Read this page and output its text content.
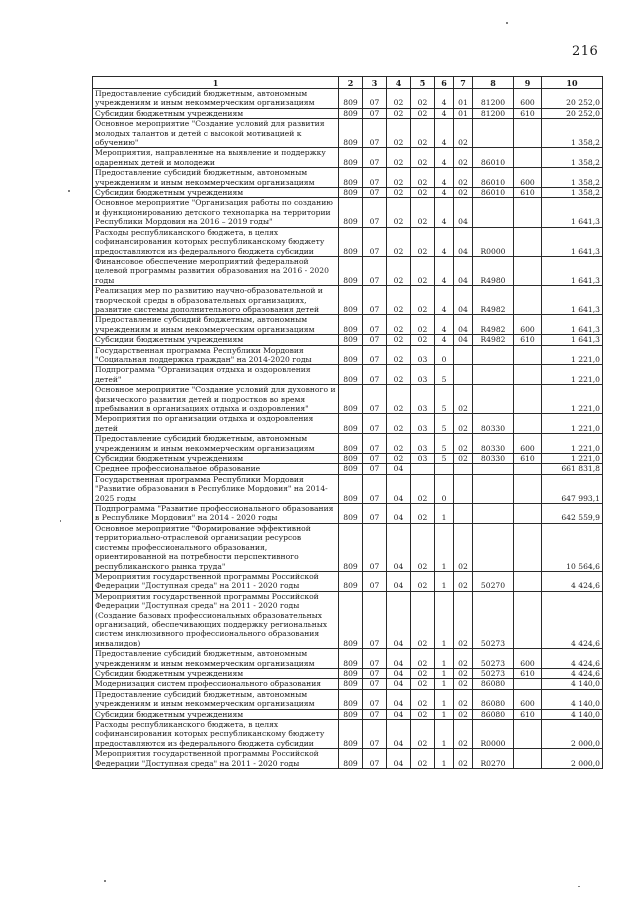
216
1	2	3	4	5	6	7	8	9	10
Предоставление субсидий бюджетным, автономным учреждениям и иным некоммерческим организациям	809	07	02	02	4	01	81200	600	20 252,0
Субсидии бюджетным учреждениям	809	07	02	02	4	01	81200	610	20 252,0
Основное мероприятие "Создание условий для развития молодых талантов и детей с высокой мотивацией к обучению"	809	07	02	02	4	02			1 358,2
Мероприятия, направленные на выявление и поддержку одаренных детей и молодежи	809	07	02	02	4	02	86010		1 358,2
Предоставление субсидий бюджетным, автономным учреждениям и иным некоммерческим организациям	809	07	02	02	4	02	86010	600	1 358,2
Субсидии бюджетным учреждениям	809	07	02	02	4	02	86010	610	1 358,2
Основное мероприятие "Организация работы по созданию и функционированию детского технопарка на территории Республики Мордовия на 2016 – 2019 годы"	809	07	02	02	4	04			1 641,3
Расходы республиканского бюджета, в целях софинансирования которых республиканскому бюджету предоставляются из федерального бюджета субсидии	809	07	02	02	4	04	R0000		1 641,3
Финансовое обеспечение мероприятий федеральной целевой программы развития образования на 2016 - 2020 годы	809	07	02	02	4	04	R4980		1 641,3
Реализация мер по развитию научно-образовательной и творческой среды в образовательных организациях, развитие системы дополнительного образования детей	809	07	02	02	4	04	R4982		1 641,3
Предоставление субсидий бюджетным, автономным учреждениям и иным некоммерческим организациям	809	07	02	02	4	04	R4982	600	1 641,3
Субсидии бюджетным учреждениям	809	07	02	02	4	04	R4982	610	1 641,3
Государственная программа Республики Мордовия "Социальная поддержка граждан" на 2014-2020 годы	809	07	02	03	0				1 221,0
Подпрограмма "Организация отдыха и оздоровления детей"	809	07	02	03	5				1 221,0
Основное мероприятие "Создание условий для духовного и физического развития детей и подростков во время пребывания в организациях отдыха и оздоровления"	809	07	02	03	5	02			1 221,0
Мероприятия по организации отдыха и оздоровления детей	809	07	02	03	5	02	80330		1 221,0
Предоставление субсидий бюджетным, автономным учреждениям и иным некоммерческим организациям	809	07	02	03	5	02	80330	600	1 221,0
Субсидии бюджетным учреждениям	809	07	02	03	5	02	80330	610	1 221,0
Среднее профессиональное образование	809	07	04						661 831,8
Государственная программа Республики Мордовия "Развитие образования в Республике Мордовия" на 2014-2025 годы	809	07	04	02	0				647 993,1
Подпрограмма "Развитие профессионального образования в Республике Мордовия" на 2014 - 2020 годы	809	07	04	02	1				642 559,9
Основное мероприятие "Формирование эффективной территориально-отраслевой организации ресурсов системы профессионального образования, ориентированной на потребности перспективного республиканского рынка труда"	809	07	04	02	1	02			10 564,6
Мероприятия государственной программы Российской Федерации "Доступная среда" на 2011 - 2020 годы	809	07	04	02	1	02	50270		4 424,6
Мероприятия государственной программы Российской Федерации "Доступная среда" на 2011 - 2020 годы (Создание базовых профессиональных образовательных организаций, обеспечивающих поддержку региональных систем инклюзивного профессионального образования инвалидов)	809	07	04	02	1	02	50273		4 424,6
Предоставление субсидий бюджетным, автономным учреждениям и иным некоммерческим организациям	809	07	04	02	1	02	50273	600	4 424,6
Субсидии бюджетным учреждениям	809	07	04	02	1	02	50273	610	4 424,6
Модернизация систем профессионального образования	809	07	04	02	1	02	86080		4 140,0
Предоставление субсидий бюджетным, автономным учреждениям и иным некоммерческим организациям	809	07	04	02	1	02	86080	600	4 140,0
Субсидии бюджетным учреждениям	809	07	04	02	1	02	86080	610	4 140,0
Расходы республиканского бюджета, в целях софинансирования которых республиканскому бюджету предоставляются из федерального бюджета субсидии	809	07	04	02	1	02	R0000		2 000,0
Мероприятия государственной программы Российской Федерации "Доступная среда" на 2011 - 2020 годы	809	07	04	02	1	02	R0270		2 000,0
